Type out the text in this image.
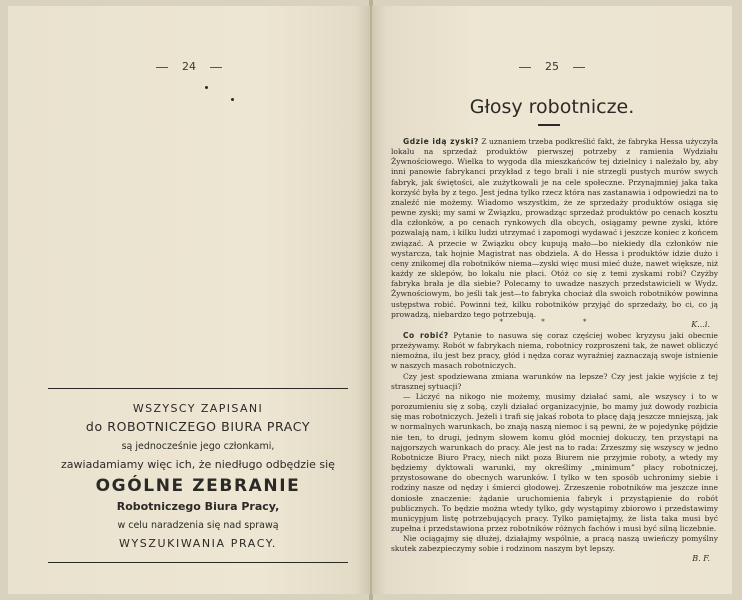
24

WSZYSCY ZAPISANI

do ROBOTNICZEGO BIURA PRACY

są jednocześnie jego członkami,

zawiadamiamy więc ich, że niedługo odbędzie się

OGÓLNE ZEBRANIE

Robotniczego Biura Pracy,

w celu naradzenia się nad sprawą

WYSZUKIWANIA PRACY.

25
Głosy robotnicze.

Gdzie idą zyski? Z uznaniem trzeba podkreślić fakt, że fabryka Hessa użyczyła lokalu na sprzedaż produktów pierwszej potrzeby z ramienia Wydziału Żywnościowego. Wielka to wygoda dla mieszkańców tej dzielnicy i należało by, aby inni panowie fabrykanci przykład z tego brali i nie strzegli pustych murów swych fabryk, jak świętości, ale zużytkowali je na cele społeczne. Przynajmniej jaka taka korzyść była by z tego. Jest jedna tylko rzecz która nas zastanawia i odpowiedzi na to znaleźć nie możemy. Wiadomo wszystkim, że ze sprzedaży produktów osiąga się pewne zyski; my sami w Związku, prowadząc sprzedaż produktów po cenach kosztu dla członków, a po cenach rynkowych dla obcych, osiągamy pewne zyski, które pozwalają nam, i kilku ludzi utrzymać i zapomogi wydawać i jeszcze koniec z końcem związać. A przecie w Związku obcy kupują mało—bo niekiedy dla członków nie wystarcza, tak hojnie Magistrat nas obdziela. A do Hessa i produktów idzie dużo i ceny znikomej dla robotników niema—zyski więc musi mieć duże, nawet większe, niż każdy ze sklepów, bo lokalu nie płaci. Otóż co się z temi zyskami robi? Czyżby fabryka brała je dla siebie? Polecamy to uwadze naszych przedstawicieli w Wydz. Żywnościowym, bo jeśli tak jest—to fabryka chociaż dla swoich robotników powinna ustępstwa robić. Powinni też, kilku robotników przyjąć do sprzedaży, bo ci, co ją prowadzą, niebardzo tego potrzebują.

K...i.

* * *

Co robić? Pytanie to nasuwa się coraz częściej wobec kryzysu jaki obecnie przeżywamy. Robót w fabrykach niema, robotnicy rozproszeni tak, że nawet obliczyć niemożna, ilu jest bez pracy, głód i nędza coraz wyraźniej zaznaczają swoje istnienie w naszych masach robotniczych.

Czy jest spodziewana zmiana warunków na lepsze? Czy jest jakie wyjście z tej strasznej sytuacji?

— Liczyć na nikogo nie możemy, musimy działać sami, ale wszyscy i to w porozumieniu się z sobą, czyli działać organizacyjnie, bo mamy już dowody rozbicia się mas robotniczych. Jeżeli i trafi się jakaś robota to płacę dają jeszcze mniejszą, jak w normalnych warunkach, bo znają naszą niemoc i są pewni, że w pojedynkę pójdzie nie ten, to drugi, jednym słowem komu głód mocniej dokuczy, ten przystąpi na najgorszych warunkach do pracy. Ale jest na to rada: Zrzeszmy się wszyscy w jedno Robotnicze Biuro Pracy, niech nikt poza Biurem nie przyjmie roboty, a wtedy my będziemy dyktowali warunki, my określimy „minimum” płacy robotniczej, przystosowane do obecnych warunków. I tylko w ten sposób uchronimy siebie i rodziny nasze od nędzy i śmierci głodowej. Zrzeszenie robotników ma jeszcze inne doniosłe znaczenie: żądanie uruchomienia fabryk i przystąpienie do robót publicznych. To będzie można wtedy tylko, gdy wystąpimy zbiorowo i przedstawimy municypjum listę potrzebujących pracy. Tylko pamiętajmy, że lista taka musi być zupełna i przedstawiona przez robotników różnych fachów i musi być silną liczebnie.

Nie ociągajmy się dłużej, działajmy wspólnie, a pracą naszą uwieńczy pomyślny skutek zabezpieczymy sobie i rodzinom naszym byt lepszy.

B. F.
